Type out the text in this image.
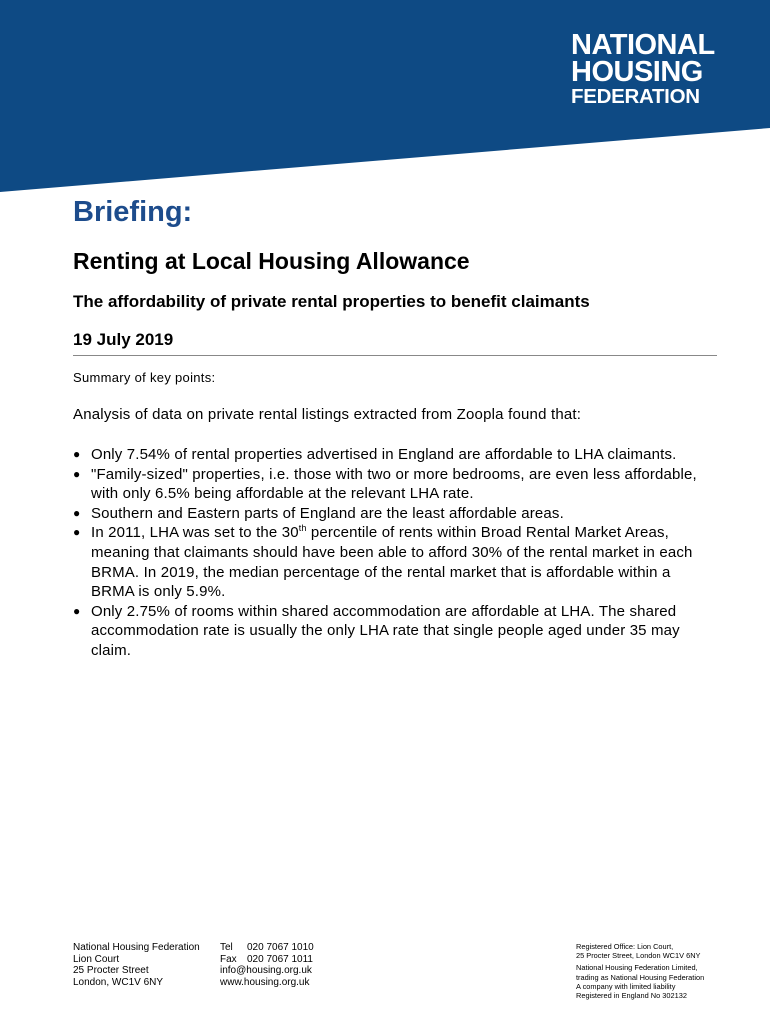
NATIONAL
HOUSING
FEDERATION
Briefing:
Renting at Local Housing Allowance
The affordability of private rental properties to benefit claimants
19 July 2019

Summary of key points:

Analysis of data on private rental listings extracted from Zoopla found that:

● Only 7.54% of rental properties advertised in England are affordable to LHA claimants.
● "Family-sized" properties, i.e. those with two or more bedrooms, are even less affordable, with only 6.5% being affordable at the relevant LHA rate.
● Southern and Eastern parts of England are the least affordable areas.
● In 2011, LHA was set to the 30th percentile of rents within Broad Rental Market Areas, meaning that claimants should have been able to afford 30% of the rental market in each BRMA. In 2019, the median percentage of the rental market that is affordable within a BRMA is only 5.9%.
● Only 2.75% of rooms within shared accommodation are affordable at LHA. The shared accommodation rate is usually the only LHA rate that single people aged under 35 may claim.
National Housing Federation
Lion Court
25 Procter Street
London, WC1V 6NY
Tel 020 7067 1010
Fax 020 7067 1011
info@housing.org.uk
www.housing.org.uk
Registered Office: Lion Court,
25 Procter Street, London WC1V 6NY
National Housing Federation Limited,
trading as National Housing Federation
A company with limited liability
Registered in England No 302132
